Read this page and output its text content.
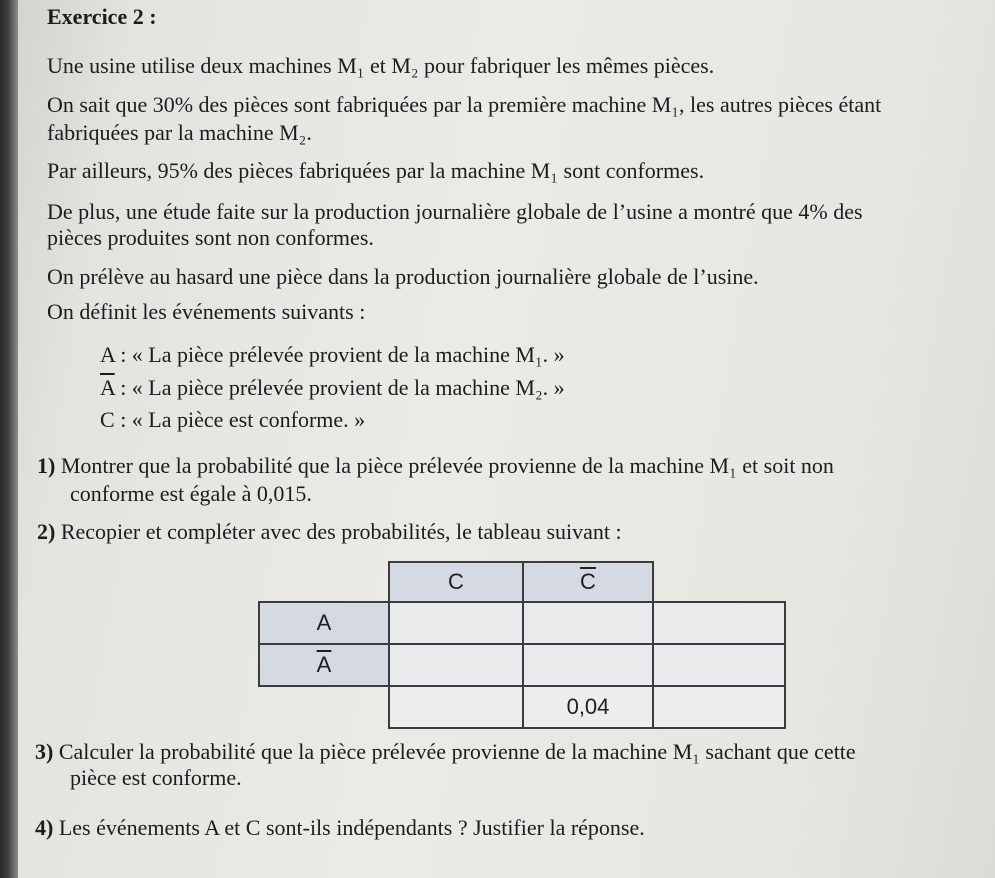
Exercice 2 :
Une usine utilise deux machines M₁ et M₂ pour fabriquer les mêmes pièces.
On sait que 30% des pièces sont fabriquées par la première machine M₁, les autres pièces étant
fabriquées par la machine M₂.
Par ailleurs, 95% des pièces fabriquées par la machine M₁ sont conformes.
De plus, une étude faite sur la production journalière globale de l’usine a montré que 4% des
pièces produites sont non conformes.
On prélève au hasard une pièce dans la production journalière globale de l’usine.
On définit les événements suivants :
A : « La pièce prélevée provient de la machine M₁. »
$\overline{A}$ : « La pièce prélevée provient de la machine M₂. »
C : « La pièce est conforme. »
1) Montrer que la probabilité que la pièce prélevée provienne de la machine M₁ et soit non
conforme est égale à 0,015.
2) Recopier et compléter avec des probabilités, le tableau suivant :
C	$\overline{C}$
A
$\overline{A}$
0,04
3) Calculer la probabilité que la pièce prélevée provienne de la machine M₁ sachant que cette
pièce est conforme.
4) Les événements A et C sont-ils indépendants ? Justifier la réponse.
